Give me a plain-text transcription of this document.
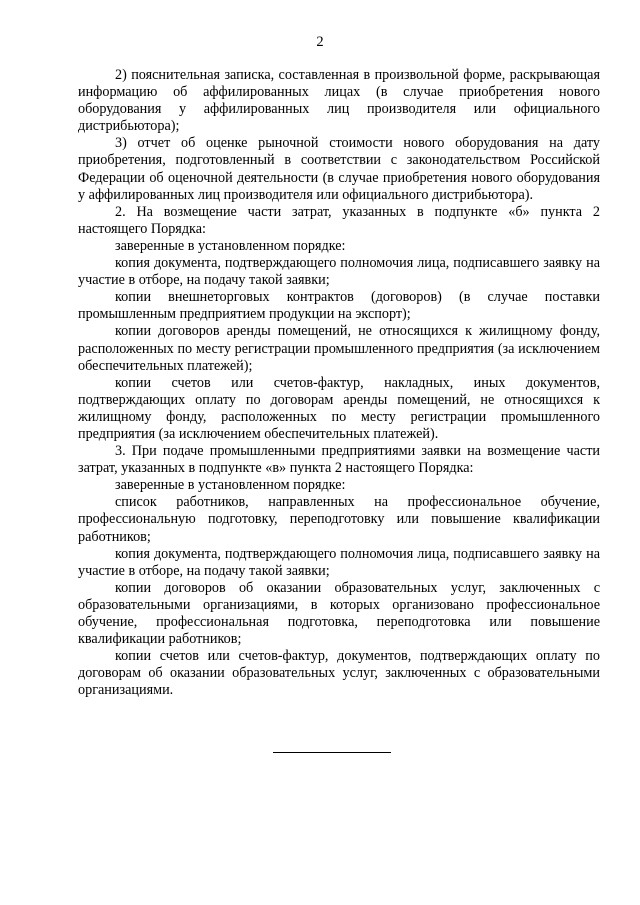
2

2) пояснительная записка, составленная в произвольной форме, раскрывающая информацию об аффилированных лицах (в случае приобретения нового оборудования у аффилированных лиц производителя или официального дистрибьютора);

3) отчет об оценке рыночной стоимости нового оборудования на дату приобретения, подготовленный в соответствии с законодательством Российской Федерации об оценочной деятельности (в случае приобретения нового оборудования у аффилированных лиц производителя или официального дистрибьютора).

2. На возмещение части затрат, указанных в подпункте «б» пункта 2 настоящего Порядка:

заверенные в установленном порядке:

копия документа, подтверждающего полномочия лица, подписавшего заявку на участие в отборе, на подачу такой заявки;

копии внешнеторговых контрактов (договоров) (в случае поставки промышленным предприятием продукции на экспорт);

копии договоров аренды помещений, не относящихся к жилищному фонду, расположенных по месту регистрации промышленного предприятия (за исключением обеспечительных платежей);

копии счетов или счетов-фактур, накладных, иных документов, подтверждающих оплату по договорам аренды помещений, не относящихся к жилищному фонду, расположенных по месту регистрации промышленного предприятия (за исключением обеспечительных платежей).

3. При подаче промышленными предприятиями заявки на возмещение части затрат, указанных в подпункте «в» пункта 2 настоящего Порядка:

заверенные в установленном порядке:

список работников, направленных на профессиональное обучение, профессиональную подготовку, переподготовку или повышение квалификации работников;

копия документа, подтверждающего полномочия лица, подписавшего заявку на участие в отборе, на подачу такой заявки;

копии договоров об оказании образовательных услуг, заключенных с образовательными организациями, в которых организовано профессиональное обучение, профессиональная подготовка, переподготовка или повышение квалификации работников;

копии счетов или счетов-фактур, документов, подтверждающих оплату по договорам об оказании образовательных услуг, заключенных с образовательными организациями.
